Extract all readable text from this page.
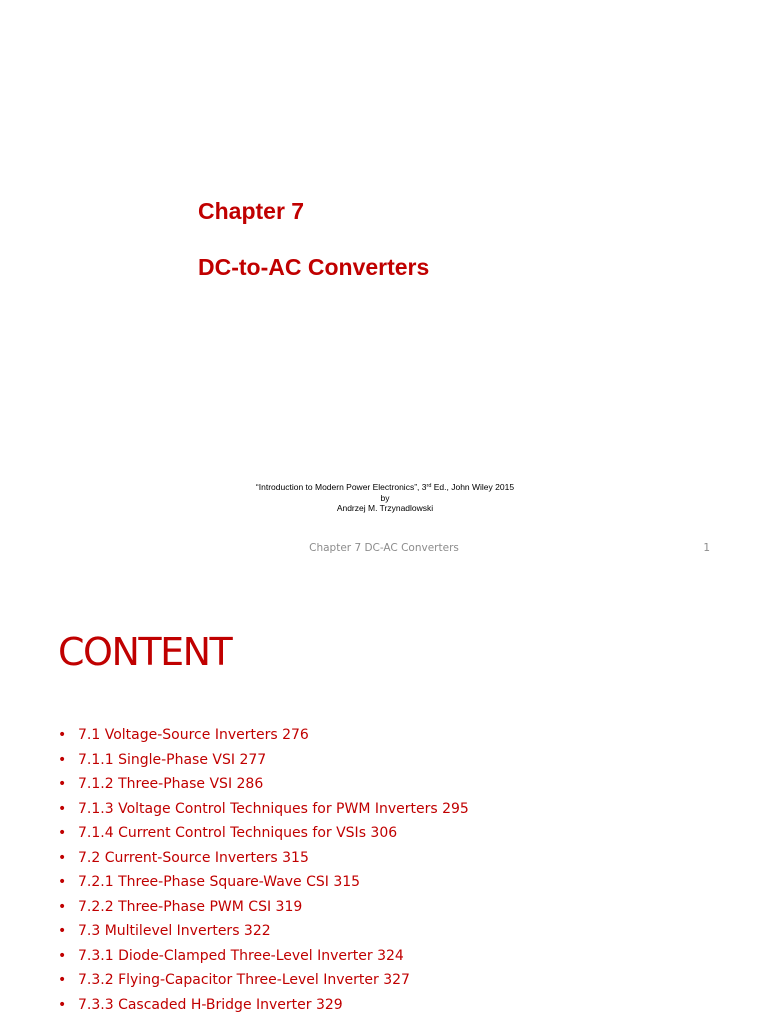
Chapter 7
DC-to-AC Converters
“Introduction to Modern Power Electronics”, 3rd Ed., John Wiley 2015
by
Andrzej M. Trzynadlowski
Chapter 7 DC-AC Converters	1
CONTENT
• 7.1 Voltage-Source Inverters 276
• 7.1.1 Single-Phase VSI 277
• 7.1.2 Three-Phase VSI 286
• 7.1.3 Voltage Control Techniques for PWM Inverters 295
• 7.1.4 Current Control Techniques for VSIs 306
• 7.2 Current-Source Inverters 315
• 7.2.1 Three-Phase Square-Wave CSI 315
• 7.2.2 Three-Phase PWM CSI 319
• 7.3 Multilevel Inverters 322
• 7.3.1 Diode-Clamped Three-Level Inverter 324
• 7.3.2 Flying-Capacitor Three-Level Inverter 327
• 7.3.3 Cascaded H-Bridge Inverter 329
